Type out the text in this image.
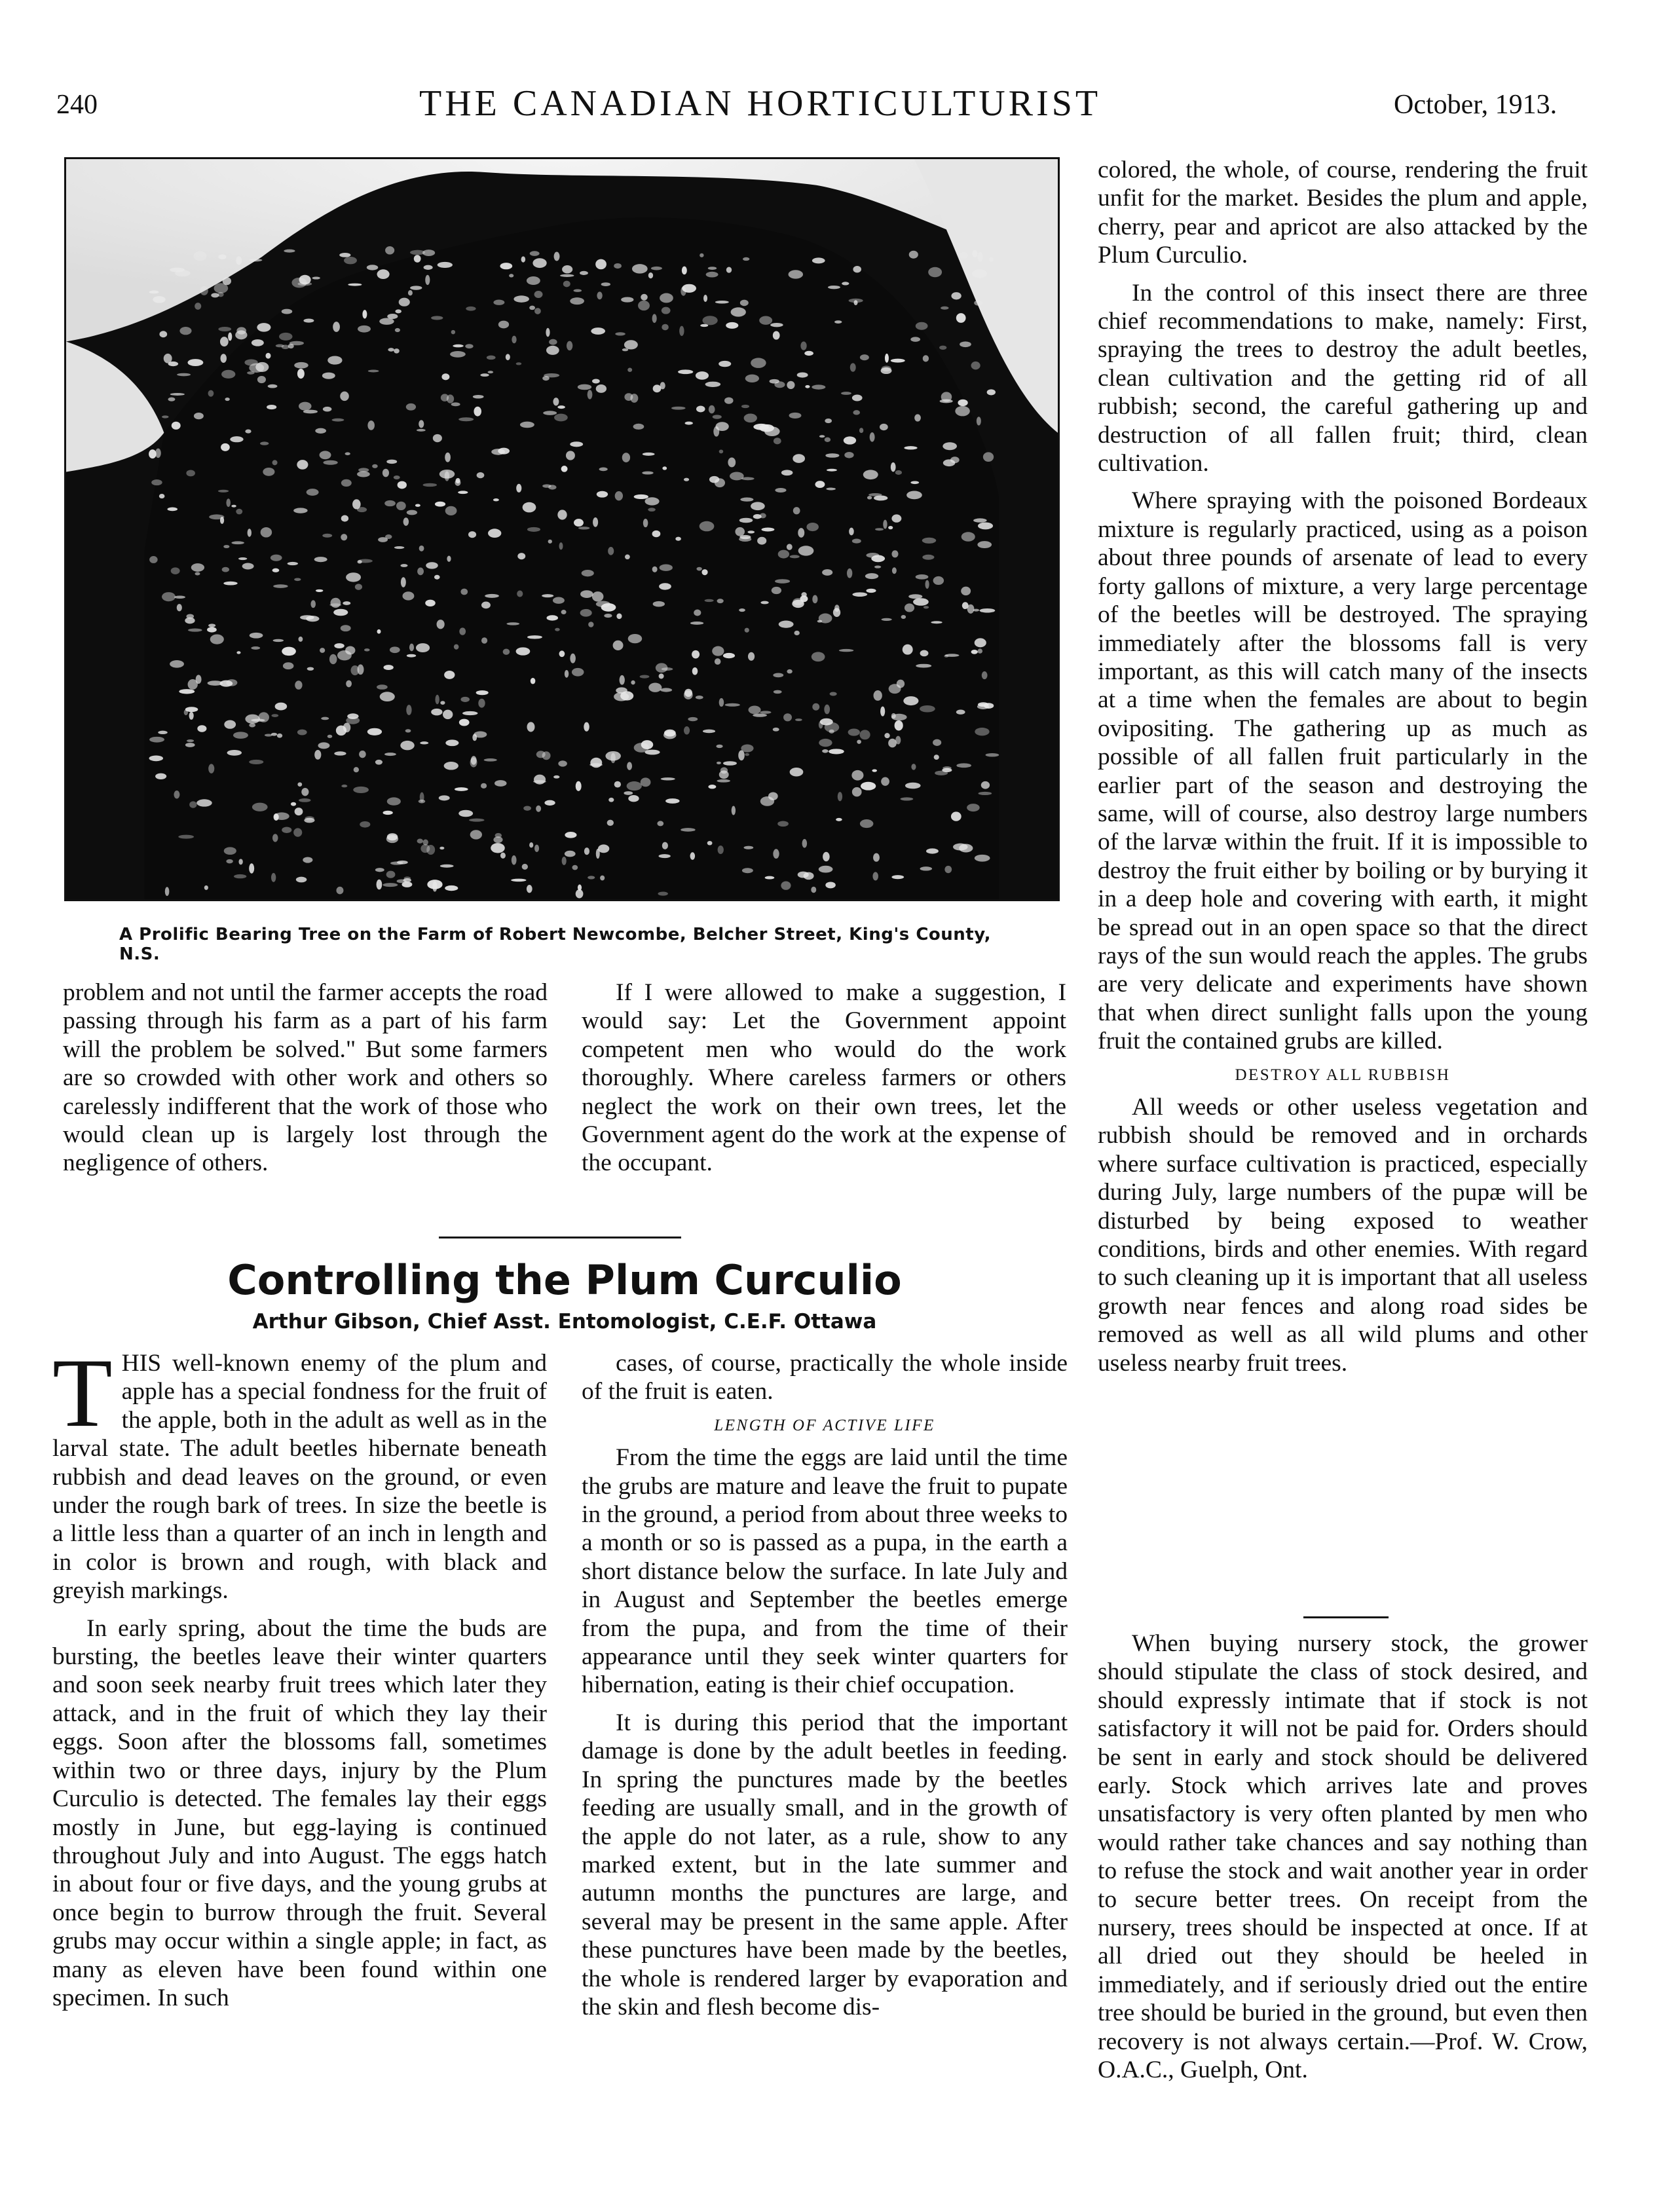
240	THE CANADIAN HORTICULTURIST	October, 1913.
A Prolific Bearing Tree on the Farm of Robert Newcombe, Belcher Street, King's County, N.S.

problem and not until the farmer accepts the road passing through his farm as a part of his farm will the problem be solved." But some farmers are so crowded with other work and others so carelessly indifferent that the work of those who would clean up is largely lost through the negligence of others.

If I were allowed to make a suggestion, I would say: Let the Government appoint competent men who would do the work thoroughly. Where careless farmers or others neglect the work on their own trees, let the Government agent do the work at the expense of the occupant.

Controlling the Plum Curculio
Arthur Gibson, Chief Asst. Entomologist, C.E.F. Ottawa

THIS well-known enemy of the plum and apple has a special fondness for the fruit of the apple, both in the adult as well as in the larval state. The adult beetles hibernate beneath rubbish and dead leaves on the ground, or even under the rough bark of trees. In size the beetle is a little less than a quarter of an inch in length and in color is brown and rough, with black and greyish markings.

In early spring, about the time the buds are bursting, the beetles leave their winter quarters and soon seek nearby fruit trees which later they attack, and in the fruit of which they lay their eggs. Soon after the blossoms fall, sometimes within two or three days, injury by the Plum Curculio is detected. The females lay their eggs mostly in June, but egg-laying is continued throughout July and into August. The eggs hatch in about four or five days, and the young grubs at once begin to burrow through the fruit. Several grubs may occur within a single apple; in fact, as many as eleven have been found within one specimen. In such

cases, of course, practically the whole inside of the fruit is eaten.

LENGTH OF ACTIVE LIFE

From the time the eggs are laid until the time the grubs are mature and leave the fruit to pupate in the ground, a period from about three weeks to a month or so is passed as a pupa, in the earth a short distance below the surface. In late July and in August and September the beetles emerge from the pupa, and from the time of their appearance until they seek winter quarters for hibernation, eating is their chief occupation.

It is during this period that the important damage is done by the adult beetles in feeding. In spring the punctures made by the beetles feeding are usually small, and in the growth of the apple do not later, as a rule, show to any marked extent, but in the late summer and autumn months the punctures are large, and several may be present in the same apple. After these punctures have been made by the beetles, the whole is rendered larger by evaporation and the skin and flesh become dis-

colored, the whole, of course, rendering the fruit unfit for the market. Besides the plum and apple, cherry, pear and apricot are also attacked by the Plum Curculio.

In the control of this insect there are three chief recommendations to make, namely: First, spraying the trees to destroy the adult beetles, clean cultivation and the getting rid of all rubbish; second, the careful gathering up and destruction of all fallen fruit; third, clean cultivation.

Where spraying with the poisoned Bordeaux mixture is regularly practiced, using as a poison about three pounds of arsenate of lead to every forty gallons of mixture, a very large percentage of the beetles will be destroyed. The spraying immediately after the blossoms fall is very important, as this will catch many of the insects at a time when the females are about to begin ovipositing. The gathering up as much as possible of all fallen fruit particularly in the earlier part of the season and destroying the same, will of course, also destroy large numbers of the larvæ within the fruit. If it is impossible to destroy the fruit either by boiling or by burying it in a deep hole and covering with earth, it might be spread out in an open space so that the direct rays of the sun would reach the apples. The grubs are very delicate and experiments have shown that when direct sunlight falls upon the young fruit the contained grubs are killed.

DESTROY ALL RUBBISH

All weeds or other useless vegetation and rubbish should be removed and in orchards where surface cultivation is practiced, especially during July, large numbers of the pupæ will be disturbed by being exposed to weather conditions, birds and other enemies. With regard to such cleaning up it is important that all useless growth near fences and along road sides be removed as well as all wild plums and other useless nearby fruit trees.

When buying nursery stock, the grower should stipulate the class of stock desired, and should expressly intimate that if stock is not satisfactory it will not be paid for. Orders should be sent in early and stock should be delivered early. Stock which arrives late and proves unsatisfactory is very often planted by men who would rather take chances and say nothing than to refuse the stock and wait another year in order to secure better trees. On receipt from the nursery, trees should be inspected at once. If at all dried out they should be heeled in immediately, and if seriously dried out the entire tree should be buried in the ground, but even then recovery is not always certain.—Prof. W. Crow, O.A.C., Guelph, Ont.
